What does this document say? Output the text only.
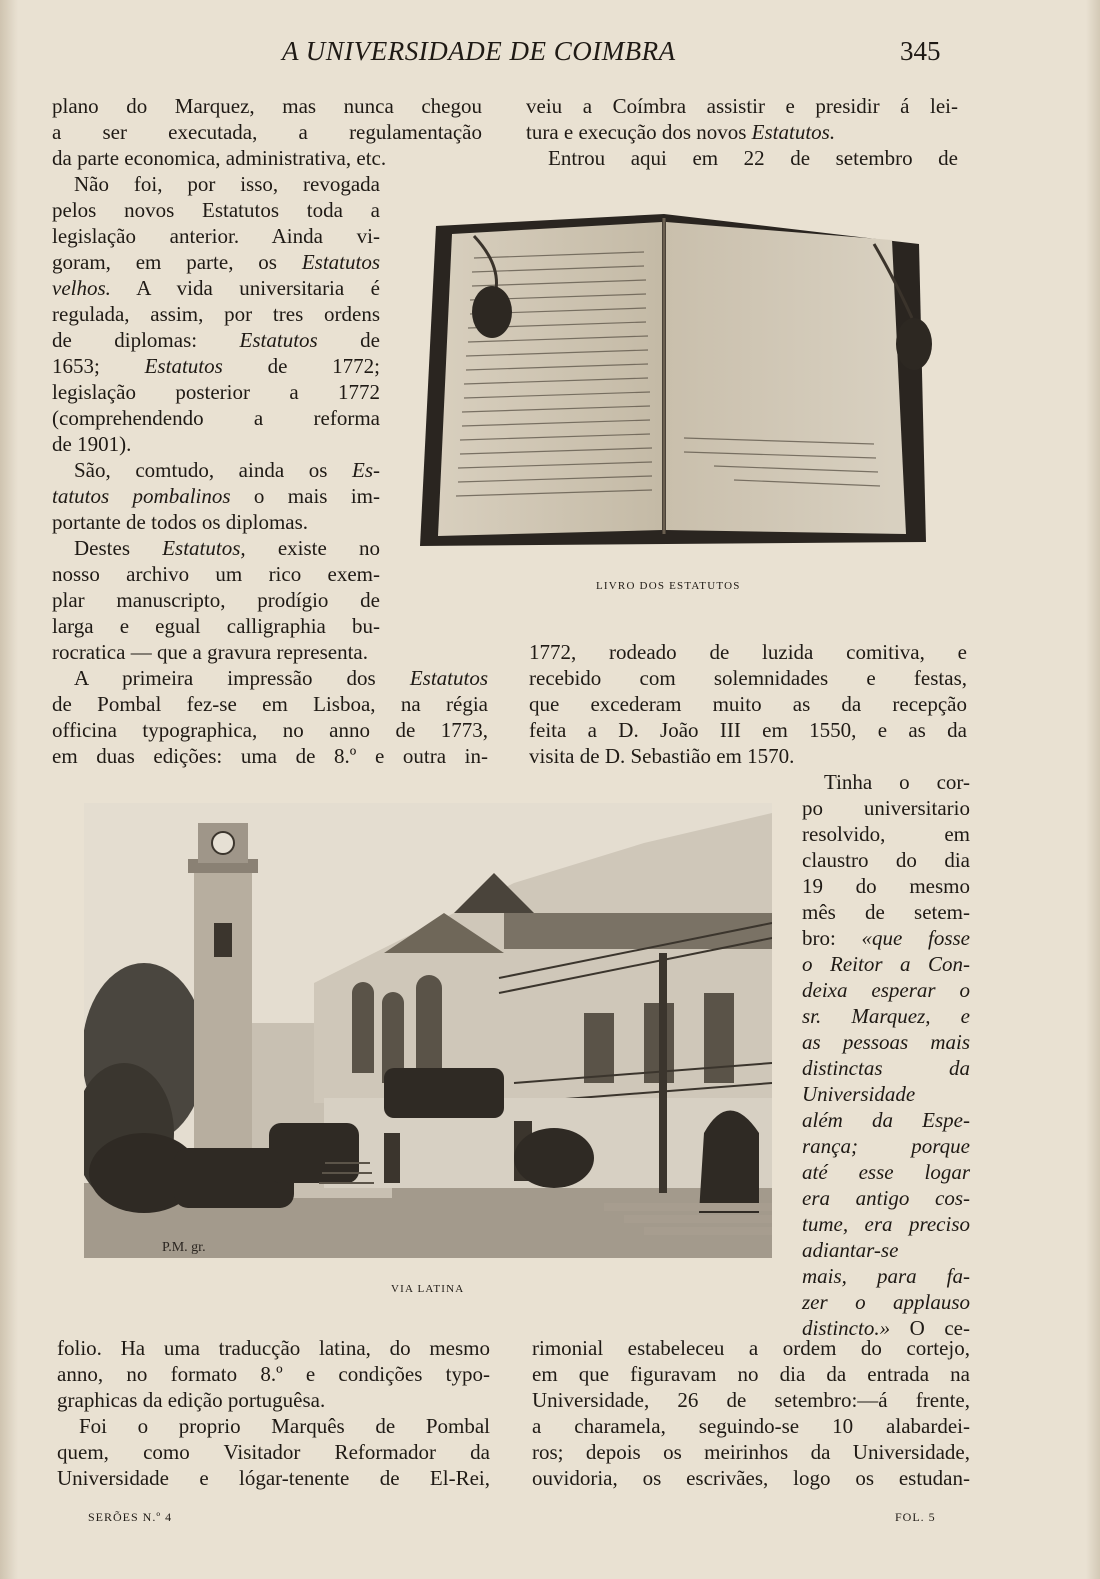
A UNIVERSIDADE DE COIMBRA	345

plano do Marquez, mas nunca chegou

a ser executada, a regulamentação

da parte economica, administrativa, etc.

Não foi, por isso, revogada

pelos novos Estatutos toda a

legislação anterior. Ainda vi-

goram, em parte, os Estatutos

velhos. A vida universitaria é

regulada, assim, por tres ordens

de diplomas: Estatutos de

1653; Estatutos de 1772;

legislação posterior a 1772

(comprehendendo a reforma

de 1901).

São, comtudo, ainda os Es-

tatutos pombalinos o mais im-

portante de todos os diplomas.

Destes Estatutos, existe no

nosso archivo um rico exem-

plar manuscripto, prodígio de

larga e egual calligraphia bu-

rocratica — que a gravura representa.

A primeira impressão dos Estatutos

de Pombal fez-se em Lisboa, na régia

officina typographica, no anno de 1773,

em duas edições: uma de 8.º e outra in-

folio. Ha uma traducção latina, do mesmo

anno, no formato 8.º e condições typo-

graphicas da edição portuguêsa.

Foi o proprio Marquês de Pombal

quem, como Visitador Reformador da

Universidade e lógar-tenente de El-Rei,

veiu a Coímbra assistir e presidir á lei-

tura e execução dos novos Estatutos.

Entrou aqui em 22 de setembro de

1772, rodeado de luzida comitiva, e

recebido com solemnidades e festas,

que excederam muito as da recepção

feita a D. João III em 1550, e as da

visita de D. Sebastião em 1570.

Tinha o cor-

po universitario

resolvido, em

claustro do dia

19 do mesmo

mês de setem-

bro: «que fosse

o Reitor a Con-

deixa esperar o

sr. Marquez, e

as pessoas mais

distinctas da

Universidade

além da Espe-

rança; porque

até esse logar

era antigo cos-

tume, era preciso

adiantar-se

mais, para fa-

zer o applauso

distincto.» O ce-

rimonial estabeleceu a ordem do cortejo,

em que figuravam no dia da entrada na

Universidade, 26 de setembro:—á frente,

a charamela, seguindo-se 10 alabardei-

ros; depois os meirinhos da Universidade,

ouvidoria, os escrivães, logo os estudan-

LIVRO DOS ESTATUTOS
P.M. gr.
VIA LATINA
SERÕES N.º 4	FOL. 5
